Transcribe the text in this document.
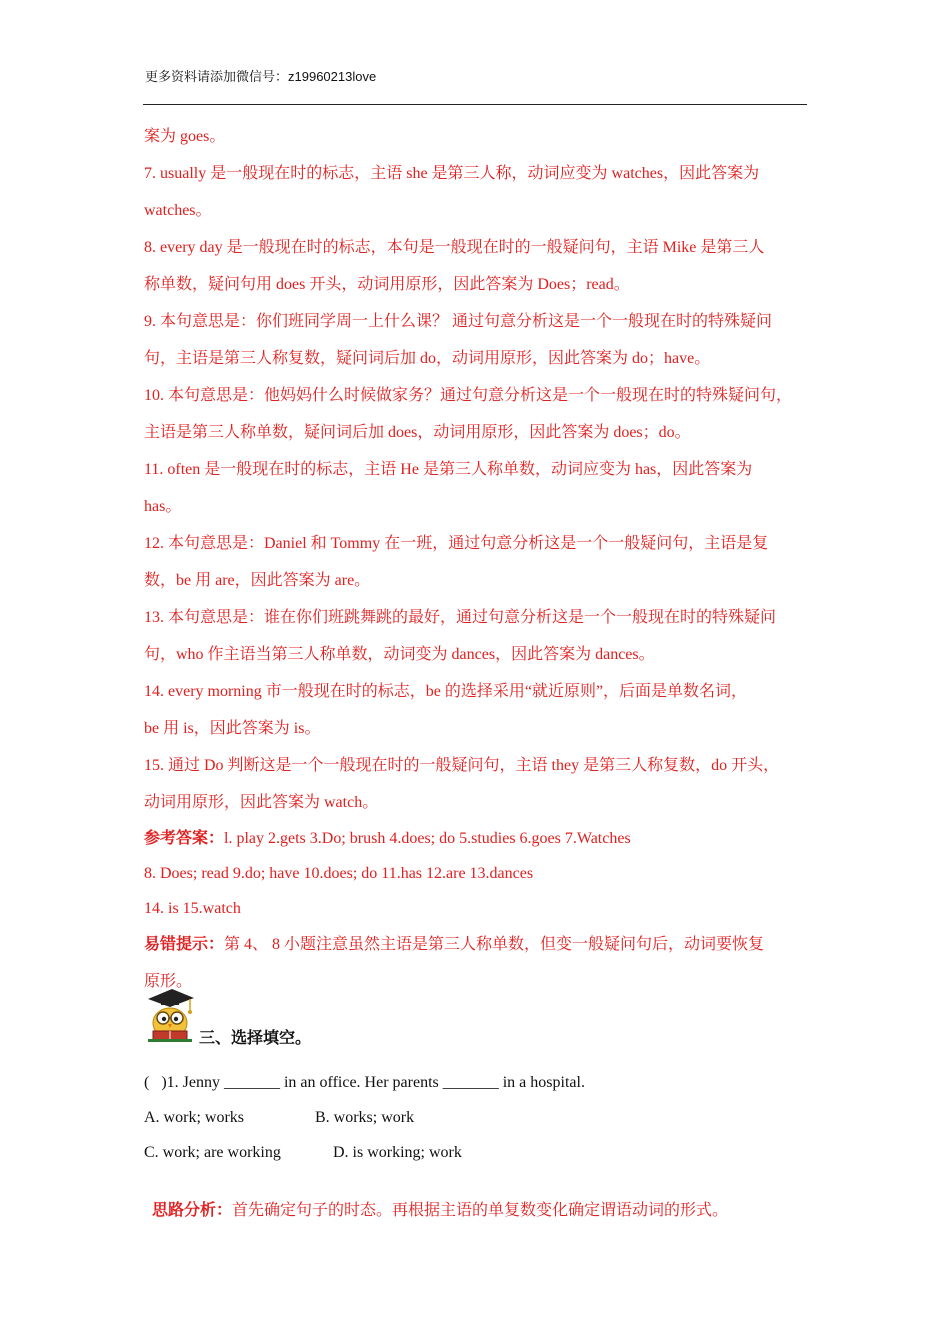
更多资料请添加微信号：z19960213love

案为 goes。

7. usually 是一般现在时的标志，主语 she 是第三人称，动词应变为 watches，因此答案为

watches。

8. every day 是一般现在时的标志，本句是一般现在时的一般疑问句，主语 Mike 是第三人

称单数，疑问句用 does 开头，动词用原形，因此答案为 Does；read。

9. 本句意思是：你们班同学周一上什么课？ 通过句意分析这是一个一般现在时的特殊疑问

句，主语是第三人称复数，疑问词后加 do，动词用原形，因此答案为 do；have。

10. 本句意思是：他妈妈什么时候做家务？通过句意分析这是一个一般现在时的特殊疑问句，

主语是第三人称单数，疑问词后加 does，动词用原形，因此答案为 does；do。

11. often 是一般现在时的标志，主语 He 是第三人称单数，动词应变为 has，因此答案为

has。

12. 本句意思是：Daniel 和 Tommy 在一班，通过句意分析这是一个一般疑问句，主语是复

数，be 用 are，因此答案为 are。

13. 本句意思是：谁在你们班跳舞跳的最好，通过句意分析这是一个一般现在时的特殊疑问

句，who 作主语当第三人称单数，动词变为 dances，因此答案为 dances。

14. every morning 市一般现在时的标志，be 的选择采用“就近原则”，后面是单数名词，

be 用 is，因此答案为 is。

15. 通过 Do 判断这是一个一般现在时的一般疑问句，主语 they 是第三人称复数，do 开头，

动词用原形，因此答案为 watch。

参考答案：l. play 2.gets 3.Do; brush 4.does; do 5.studies 6.goes 7.Watches

8. Does; read 9.do; have 10.does; do 11.has 12.are 13.dances

14. is 15.watch

易错提示：第 4、 8 小题注意虽然主语是第三人称单数，但变一般疑问句后，动词要恢复

原形。

三、选择填空。
(   )1. Jenny _______ in an office. Her parents _______ in a hospital.
A. work; works	B. works; work
C. work; are working	D. is working; work

思路分析：首先确定句子的时态。再根据主语的单复数变化确定谓语动词的形式。
